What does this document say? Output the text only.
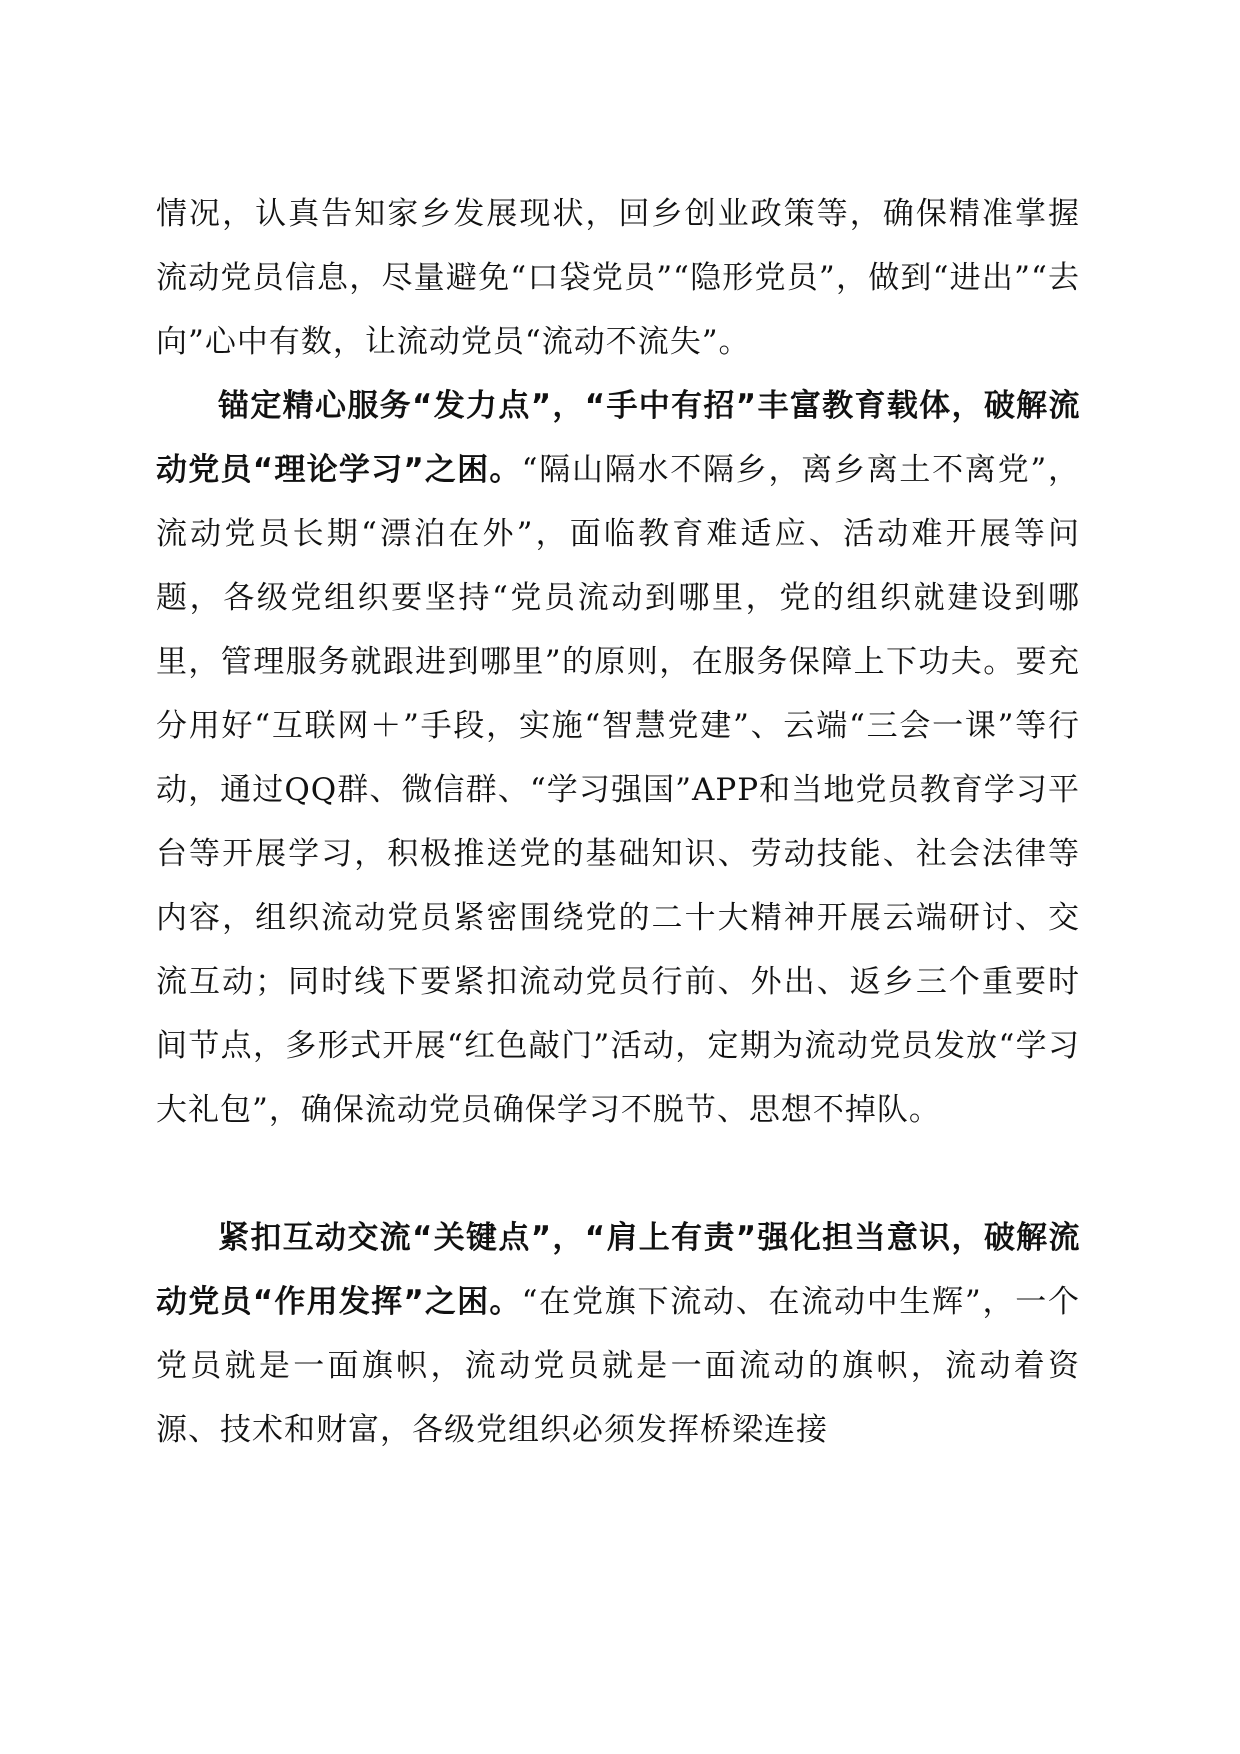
情况，认真告知家乡发展现状，回乡创业政策等，确保精准掌握流动党员信息，尽量避免“口袋党员”“隐形党员”，做到“进出”“去向”心中有数，让流动党员“流动不流失”。

锚定精心服务“发力点”，“手中有招”丰富教育载体，破解流动党员“理论学习”之困。“隔山隔水不隔乡，离乡离土不离党”，流动党员长期“漂泊在外”，面临教育难适应、活动难开展等问题，各级党组织要坚持“党员流动到哪里，党的组织就建设到哪里，管理服务就跟进到哪里”的原则，在服务保障上下功夫。要充分用好“互联网＋”手段，实施“智慧党建”、云端“三会一课”等行动，通过QQ群、微信群、“学习强国”APP和当地党员教育学习平台等开展学习，积极推送党的基础知识、劳动技能、社会法律等内容，组织流动党员紧密围绕党的二十大精神开展云端研讨、交流互动；同时线下要紧扣流动党员行前、外出、返乡三个重要时间节点，多形式开展“红色敲门”活动，定期为流动党员发放“学习大礼包”，确保流动党员确保学习不脱节、思想不掉队。

紧扣互动交流“关键点”，“肩上有责”强化担当意识，破解流动党员“作用发挥”之困。“在党旗下流动、在流动中生辉”，一个党员就是一面旗帜，流动党员就是一面流动的旗帜，流动着资源、技术和财富，各级党组织必须发挥桥梁连接
